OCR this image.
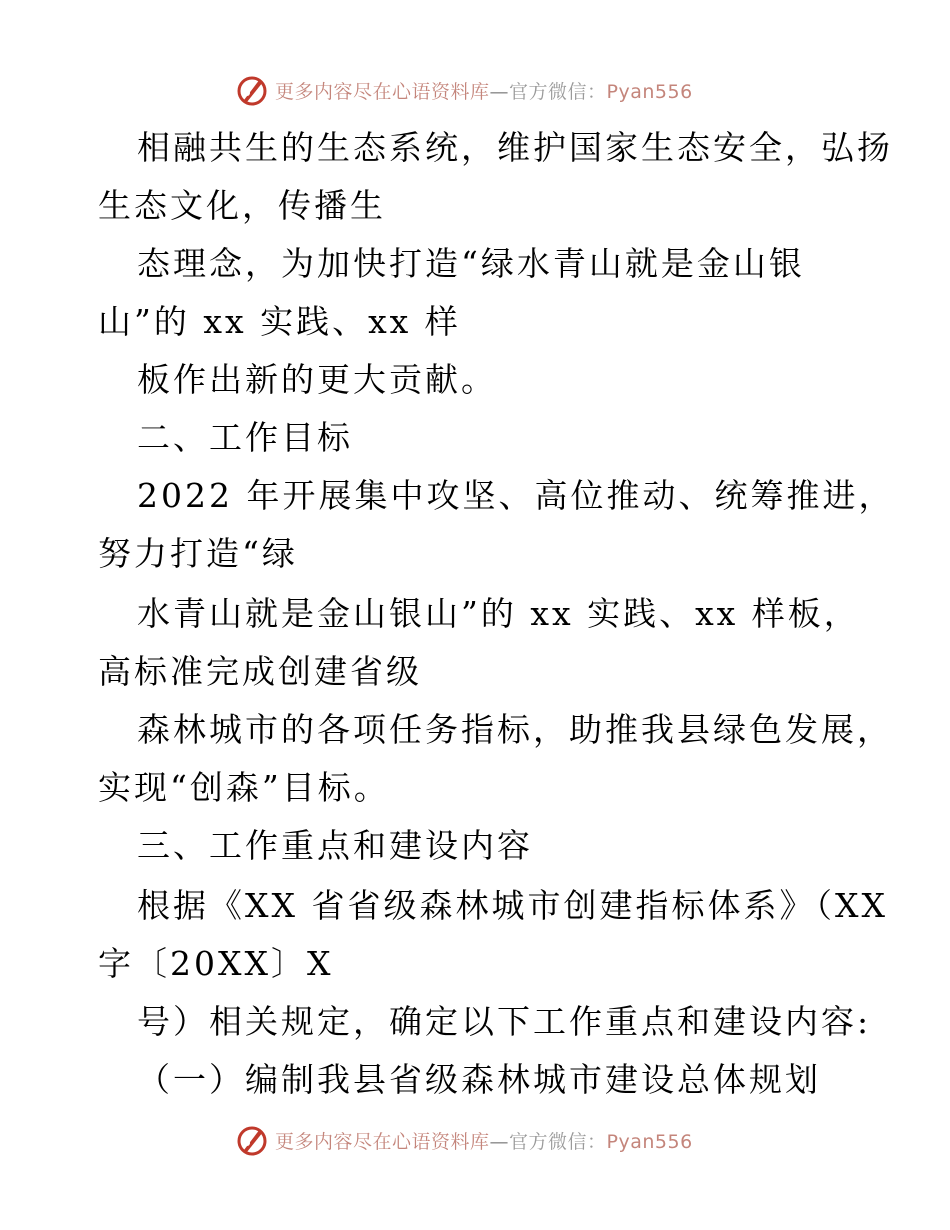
更多内容尽在心语资料库—官方微信：Pyan556
相融共生的生态系统，维护国家生态安全，弘扬
生态文化，传播生
态理念，为加快打造“绿水青山就是金山银
山”的 xx 实践、xx 样
板作出新的更大贡献。
二、工作目标
2022 年开展集中攻坚、高位推动、统筹推进，
努力打造“绿
水青山就是金山银山”的 xx 实践、xx 样板，
高标准完成创建省级
森林城市的各项任务指标，助推我县绿色发展，
实现“创森”目标。
三、工作重点和建设内容
根据《XX 省省级森林城市创建指标体系》（XX
字〔20XX〕X
号）相关规定，确定以下工作重点和建设内容:
（一）编制我县省级森林城市建设总体规划
更多内容尽在心语资料库—官方微信：Pyan556
